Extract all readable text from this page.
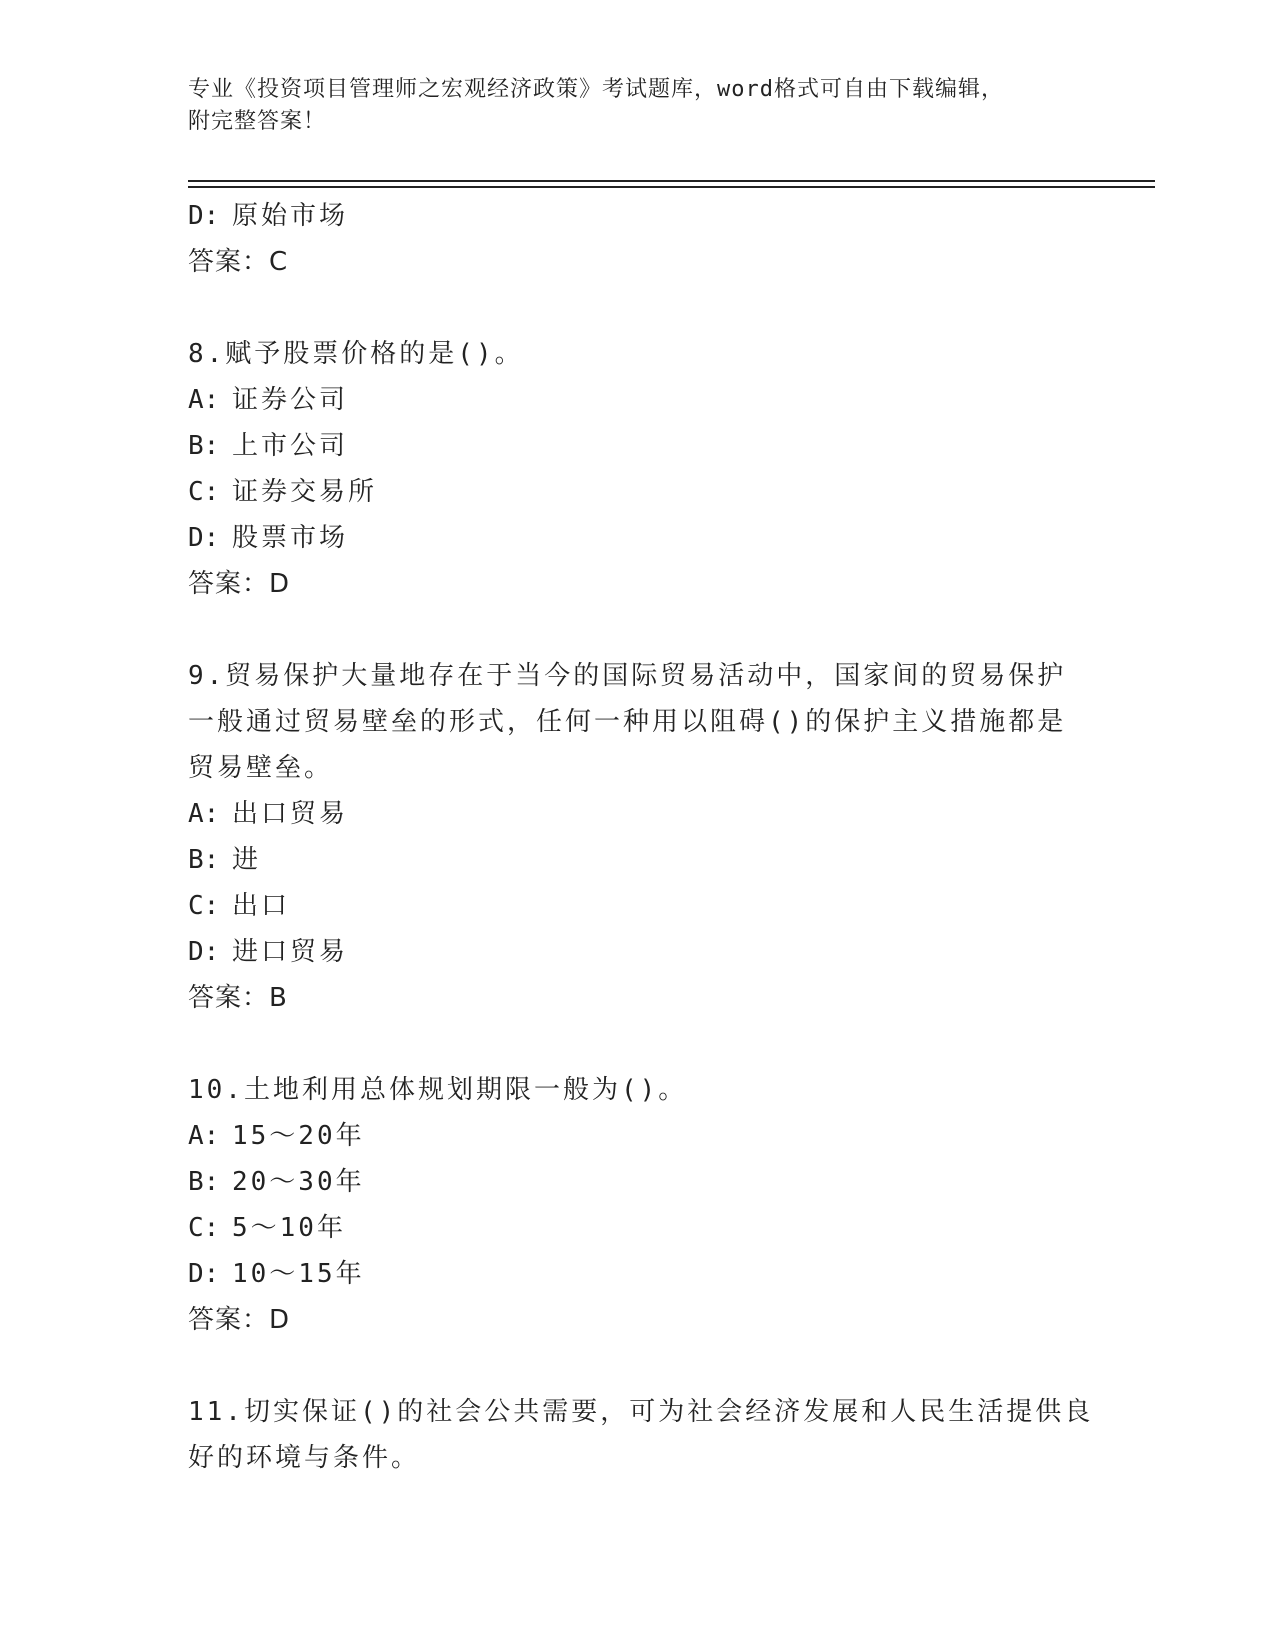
专业《投资项目管理师之宏观经济政策》考试题库，word格式可自由下载编辑，
附完整答案！
D: 原始市场
答案：C
8.赋予股票价格的是()。
A: 证券公司
B: 上市公司
C: 证券交易所
D: 股票市场
答案：D
9.贸易保护大量地存在于当今的国际贸易活动中，国家间的贸易保护
一般通过贸易壁垒的形式，任何一种用以阻碍()的保护主义措施都是
贸易壁垒。
A: 出口贸易
B: 进
C: 出口
D: 进口贸易
答案：B
10.土地利用总体规划期限一般为()。
A: 15～20年
B: 20～30年
C: 5～10年
D: 10～15年
答案：D
11.切实保证()的社会公共需要，可为社会经济发展和人民生活提供良
好的环境与条件。
